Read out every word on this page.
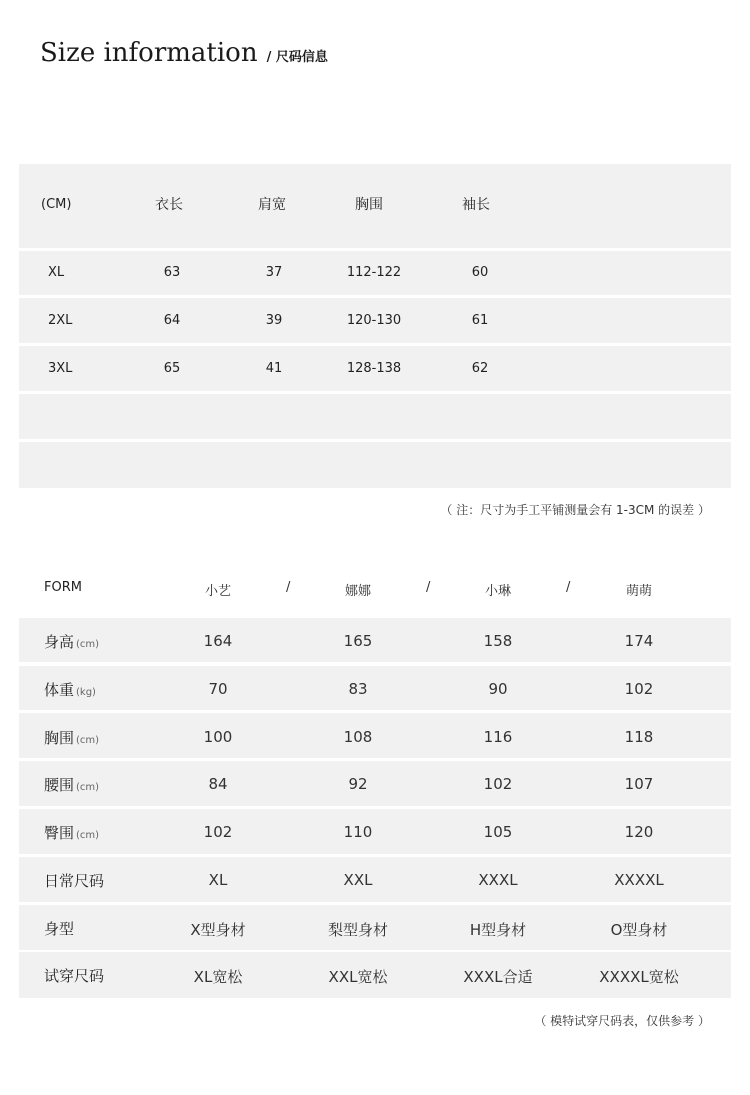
Size information / 尺码信息
(CM)	衣长	肩宽	胸围	袖长
XL	63	37	112-122	60
2XL	64	39	120-130	61
3XL	65	41	128-138	62
（ 注：尺寸为手工平铺测量会有 1-3CM 的误差 ）
FORM	小艺	/	娜娜	/	小琳	/	萌萌
身高 (cm)	164	165	158	174
体重 (kg)	70	83	90	102
胸围 (cm)	100	108	116	118
腰围 (cm)	84	92	102	107
臀围 (cm)	102	110	105	120
日常尺码	XL	XXL	XXXL	XXXXL
身型	X型身材	梨型身材	H型身材	O型身材
试穿尺码	XL宽松	XXL宽松	XXXL合适	XXXXL宽松
（ 模特试穿尺码表，仅供参考 ）
